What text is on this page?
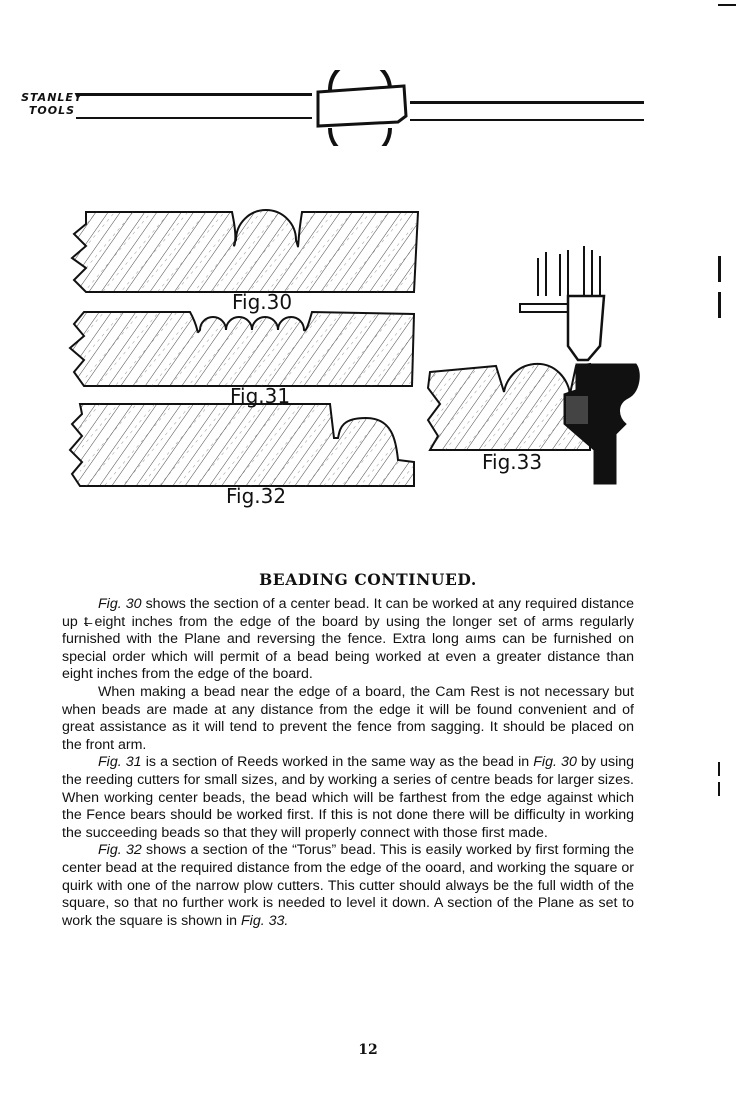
STANLEY
TOOLS
Fig.30
Fig.31
Fig.32
Fig.33
BEADING CONTINUED.

Fig. 30 shows the section of a center bead. It can be worked at any required distance up t̶ eight inches from the edge of the board by using the longer set of arms regularly furnished with the Plane and reversing the fence. Extra long aıms can be furnished on special order which will permit of a bead being worked at even a greater distance than eight inches from the edge of the board.

When making a bead near the edge of a board, the Cam Rest is not necessary but when beads are made at any distance from the edge it will be found convenient and of great assistance as it will tend to prevent the fence from sagging. It should be placed on the front arm.

Fig. 31 is a section of Reeds worked in the same way as the bead in Fig. 30 by using the reeding cutters for small sizes, and by working a series of centre beads for larger sizes. When working center beads, the bead which will be farthest from the edge against which the Fence bears should be worked first. If this is not done there will be difficulty in working the succeeding beads so that they will properly connect with those first made.

Fig. 32 shows a section of the “Torus” bead. This is easily worked by first forming the center bead at the required distance from the edge of the ooard, and working the square or quirk with one of the narrow plow cutters. This cutter should always be the full width of the square, so that no further work is needed to level it down. A section of the Plane as set to work the square is shown in Fig. 33.

12
